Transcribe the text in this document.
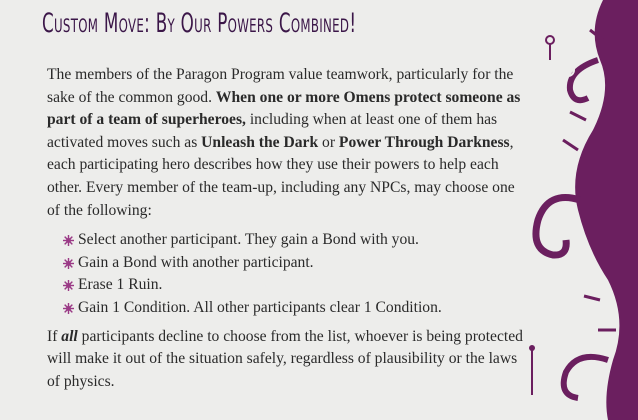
Custom Move: By Our Powers Combined!

The members of the Paragon Program value teamwork, particularly for the sake of the common good. When one or more Omens protect someone as part of a team of superheroes, including when at least one of them has activated moves such as Unleash the Dark or Power Through Darkness, each participating hero describes how they use their powers to help each other. Every member of the team-up, including any NPCs, may choose one of the following:

Select another participant. They gain a Bond with you.
Gain a Bond with another participant.
Erase 1 Ruin.
Gain 1 Condition. All other participants clear 1 Condition.

If all participants decline to choose from the list, whoever is being protected will make it out of the situation safely, regardless of plausibility or the laws of physics.
